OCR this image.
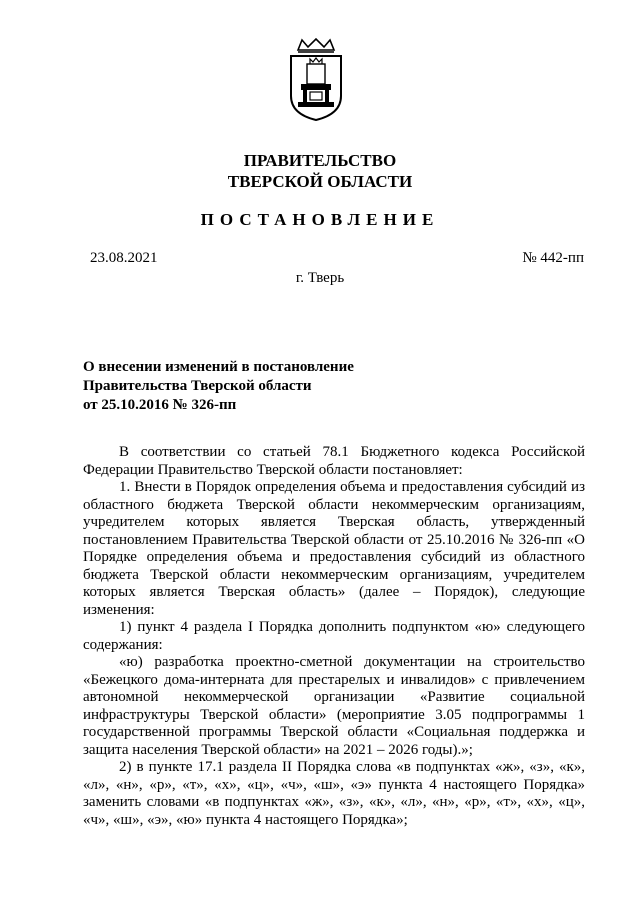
ПРАВИТЕЛЬСТВО
ТВЕРСКОЙ ОБЛАСТИ
ПОСТАНОВЛЕНИЕ
23.08.2021	№ 442-пп
г. Тверь
О внесении изменений в постановление
Правительства Тверской области
от 25.10.2016 № 326-пп

В соответствии со статьей 78.1 Бюджетного кодекса Российской Федерации Правительство Тверской области постановляет:

1. Внести в Порядок определения объема и предоставления субсидий из областного бюджета Тверской области некоммерческим организациям, учредителем которых является Тверская область, утвержденный постановлением Правительства Тверской области от 25.10.2016 № 326-пп «О Порядке определения объема и предоставления субсидий из областного бюджета Тверской области некоммерческим организациям, учредителем которых является Тверская область» (далее – Порядок), следующие изменения:

1) пункт 4 раздела I Порядка дополнить подпунктом «ю» следующего содержания:

«ю) разработка проектно-сметной документации на строительство «Бежецкого дома-интерната для престарелых и инвалидов» с привлечением автономной некоммерческой организации «Развитие социальной инфраструктуры Тверской области» (мероприятие 3.05 подпрограммы 1 государственной программы Тверской области «Социальная поддержка и защита населения Тверской области» на 2021 – 2026 годы).»;

2) в пункте 17.1 раздела II Порядка слова «в подпунктах «ж», «з», «к», «л», «н», «р», «т», «х», «ц», «ч», «ш», «э» пункта 4 настоящего Порядка» заменить словами «в подпунктах «ж», «з», «к», «л», «н», «р», «т», «х», «ц», «ч», «ш», «э», «ю» пункта 4 настоящего Порядка»;
